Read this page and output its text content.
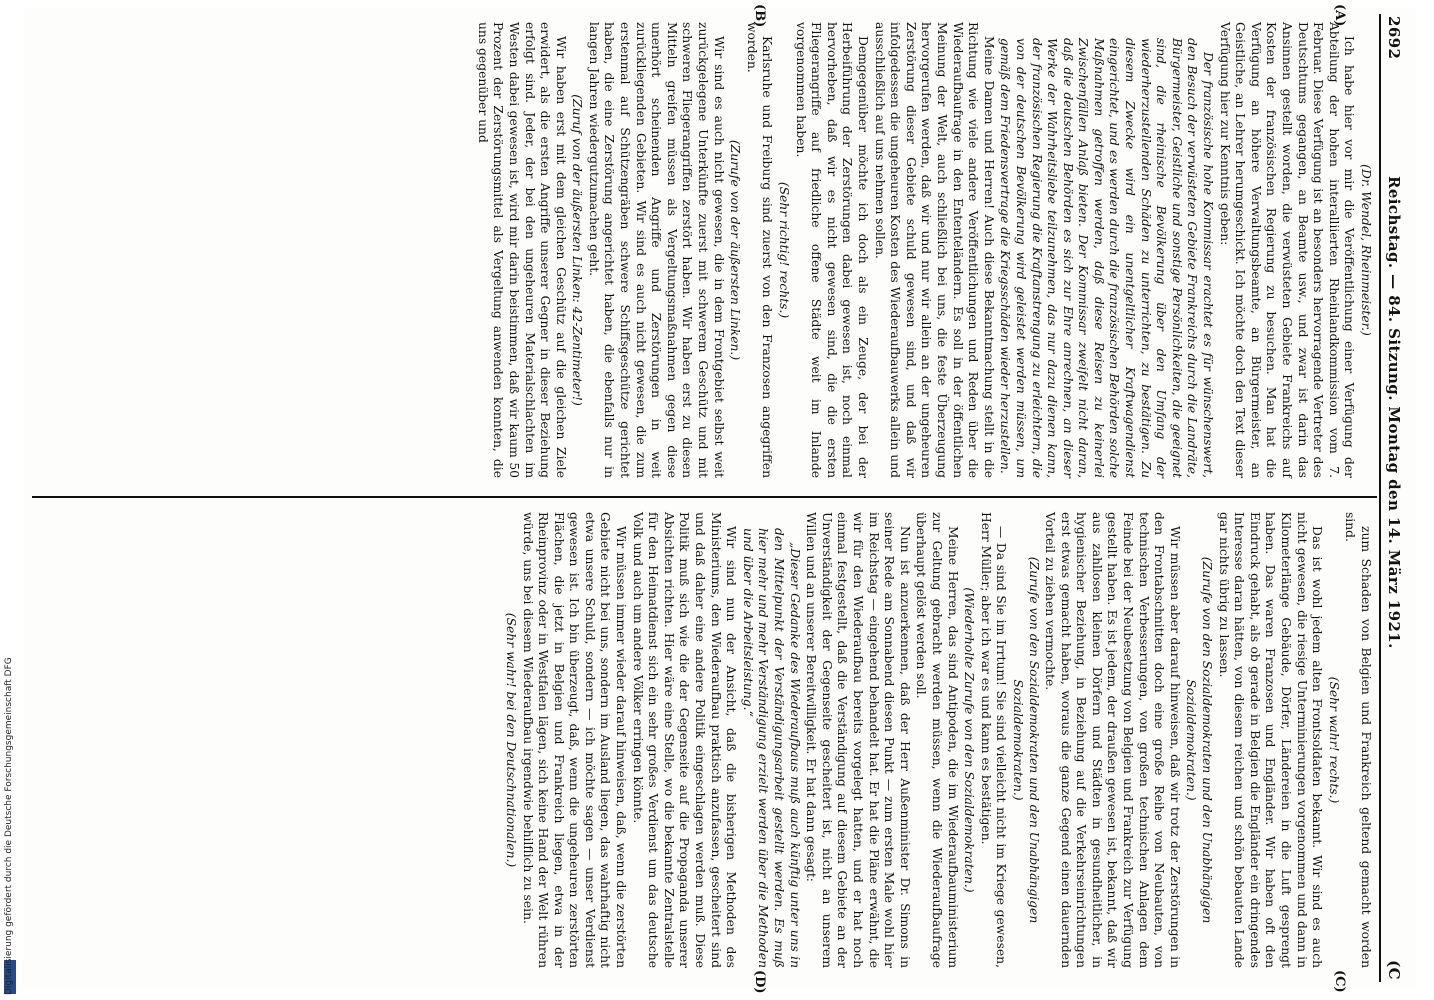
2692
Reichstag. — 84. Sitzung. Montag den 14. März 1921.
(C
(A)
(B)
(C)
(D)

(Dr. Wendel, Rheinmeister.)

Ich habe hier vor mir die Veröffentlichung einer Verfügung der Abteilung der hohen interalliierten Rheinlandkommission vom 7. Februar. Diese Verfügung ist an besonders hervorragende Vertreter des Deutschtums gegangen, an Beamte usw., und zwar ist darin das Ansinnen gestellt worden, die verwüsteten Gebiete Frankreichs auf Kosten der französischen Regierung zu besuchen. Man hat die Verfügung an höhere Verwaltungsbeamte, an Bürgermeister, an Geistliche, an Lehrer herumgeschickt. Ich möchte doch den Text dieser Verfügung hier zur Kenntnis geben:

Der französische hohe Kommissar erachtet es für wünschenswert, den Besuch der verwüsteten Gebiete Frankreichs durch die Landräte, Bürgermeister, Geistliche und sonstige Persönlichkeiten, die geeignet sind, die rheinische Bevölkerung über den Umfang der wiederherzustellenden Schäden zu unterrichten, zu bestätigen. Zu diesem Zwecke wird ein unentgeltlicher Kraftwagendienst eingerichtet, und es werden durch die französischen Behörden solche Maßnahmen getroffen werden, daß diese Reisen zu keinerlei Zwischenfällen Anlaß bieten. Der Kommissar zweifelt nicht daran, daß die deutschen Behörden es sich zur Ehre anrechnen, an dieser Werke der Wahrheitsliebe teilzunehmen, das nur dazu dienen kann, der französischen Regierung die Kraftanstrengung zu erleichtern, die von der deutschen Bevölkerung wird geleistet werden müssen, um gemäß dem Friedensvertrage die Kriegsschäden wieder herzustellen.

Meine Damen und Herren! Auch diese Bekanntmachung stellt in die Richtung wie viele andere Veröffentlichungen und Reden über die Wiederaufbaufrage in den Ententeländern. Es soll in der öffentlichen Meinung der Welt, auch schließlich bei uns, die feste Überzeugung hervorgerufen werden, daß wir und nur wir allein an der ungeheuren Zerstörung dieser Gebiete schuld gewesen sind, und daß wir infolgedessen die ungeheuren Kosten des Wiederaufbauwerks allein und ausschließlich auf uns nehmen sollen.

Demgegenüber möchte ich doch als ein Zeuge, der bei der Herbeiführung der Zerstörungen dabei gewesen ist, noch einmal hervorheben, daß wir es nicht gewesen sind, die die ersten Fliegerangriffe auf friedliche offene Städte weit im Inlande vorgenommen haben.

(Sehr richtig! rechts.)

Karlsruhe und Freiburg sind zuerst von den Franzosen angegriffen worden.

(Zurufe von der äußersten Linken.)

Wir sind es auch nicht gewesen, die in dem Frontgebiet selbst weit zurückgelegene Unterkünfte zuerst mit schwerem Geschütz und mit schweren Fliegerangriffen zerstört haben. Wir haben erst zu diesen Mitteln greifen müssen als Vergeltungsmaßnahmen gegen diese unerhört scheinenden Angriffe und Zerstörungen in weit zurückliegenden Gebieten. Wir sind es auch nicht gewesen, die zum erstenmal auf Schützengräben schwere Schiffsgeschütze gerichtet haben, die eine Zerstörung angerichtet haben, die ebenfalls nur in langen Jahren wiedergutzumachen geht.

(Zuruf von der äußersten Linken: 42-Zentimeter!)

Wir haben erst mit dem gleichen Geschütz auf die gleichen Ziele erwidert, als die ersten Angriffe unserer Gegner in dieser Beziehung erfolgt sind. Jeder, der bei den ungeheuren Materialschlachten im Westen dabei gewesen ist, wird mir darin beistimmen, daß wir kaum 50 Prozent der Zerstörungsmittel als Vergeltung anwenden konnten, die uns gegenüber und

zum Schaden von Belgien und Frankreich geltend gemacht worden sind.

(Sehr wahr! rechts.)

Das ist wohl jedem alten Frontsoldaten bekannt. Wir sind es auch nicht gewesen, die riesige Unterminierungen vorgenommen und dann in Kilometerlänge Gebäude, Dörfer, Ländereien in die Luft gesprengt haben. Das waren Franzosen und Engländer. Wir haben oft den Eindruck gehabt, als ob gerade in Belgien die Engländer ein dringendes Interesse daran hätten, von diesem reichen und schön bebauten Lande gar nichts übrig zu lassen.

(Zurufe von den Sozialdemokraten und den Unabhängigen Sozialdemokraten.)

Wir müssen aber darauf hinweisen, daß wir trotz der Zerstörungen in den Frontabschnitten doch eine große Reihe von Neubauten, von technischen Verbesserungen, von großen technischen Anlagen dem Feinde bei der Neubesetzung von Belgien und Frankreich zur Verfügung gestellt haben. Es ist jedem, der draußen gewesen ist, bekannt, daß wir aus zahllosen kleinen Dörfern und Städten in gesundheitlicher, in hygienischer Beziehung, in Beziehung auf die Verkehrseinrichtungen erst etwas gemacht haben, woraus die ganze Gegend einen dauernden Vorteil zu ziehen vermochte.

(Zurufe von den Sozialdemokraten und den Unabhängigen Sozialdemokraten.)

— Da sind Sie im Irrtum! Sie sind vielleicht nicht im Kriege gewesen, Herr Müller; aber ich war es und kann es bestätigen.

(Wiederholte Zurufe von den Sozialdemokraten.)

Meine Herren, das sind Antipoden, die im Wiederaufbauministerium zur Geltung gebracht werden müssen, wenn die Wiederaufbaufrage überhaupt gelöst werden soll.

Nun ist anzuerkennen, daß der Herr Außenminister Dr. Simons in seiner Rede am Sonnabend diesen Punkt — zum ersten Male wohl hier im Reichstag — eingehend behandelt hat. Er hat die Pläne erwähnt, die wir für den Wiederaufbau bereits vorgelegt hatten, und er hat noch einmal festgestellt, daß die Verständigung auf diesem Gebiete an der Unverständigkeit der Gegenseite gescheitert ist, nicht an unserem Willen und an unserer Bereitwilligkeit. Er hat dann gesagt:

„Dieser Gedanke des Wiederaufbaus muß auch künftig unter uns in den Mittelpunkt der Verständigungsarbeit gestellt werden. Es muß hier mehr und mehr Verständigung erzielt werden über die Methoden und über die Arbeitsleistung.“

Wir sind nun der Ansicht, daß die bisherigen Methoden des Ministeriums, den Wiederaufbau praktisch anzufassen, gescheitert sind und daß daher eine andere Politik eingeschlagen werden muß. Diese Politik muß sich wie die der Gegenseite auf die Propaganda unserer Absichten richten. Hier wäre eine Stelle, wo die bekannte Zentralstelle für den Heimatdienst sich ein sehr großes Verdienst um das deutsche Volk und auch um andere Völker erringen könnte.

Wir müssen immer wieder darauf hinweisen, daß, wenn die zerstörten Gebiete nicht bei uns, sondern im Ausland liegen, das wahrhaftig nicht etwa unsere Schuld, sondern — ich möchte sagen — unser Verdienst gewesen ist. Ich bin überzeugt, daß, wenn die ungeheuren zerstörten Flächen, die jetzt in Belgien und Frankreich liegen, etwa in der Rheinprovinz oder in Westfalen lägen, sich keine Hand der Welt rühren würde, uns bei diesem Wiederaufbau irgendwie behilflich zu sein.

(Sehr wahr! bei den Deutschnationalen.)

Digitalisierung gefördert durch die Deutsche Forschungsgemeinschaft DFG
